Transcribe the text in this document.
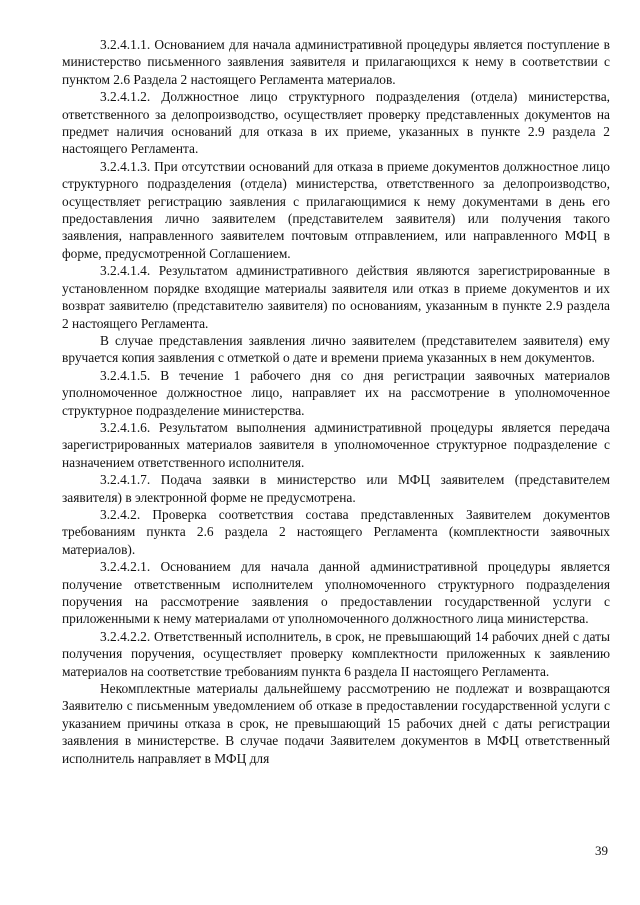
3.2.4.1.1. Основанием для начала административной процедуры является поступление в министерство письменного заявления заявителя и прилагающихся к нему в соответствии с пунктом 2.6 Раздела 2 настоящего Регламента материалов.

3.2.4.1.2. Должностное лицо структурного подразделения (отдела) министерства, ответственного за делопроизводство, осуществляет проверку представленных документов на предмет наличия оснований для отказа в их приеме, указанных в пункте 2.9 раздела 2 настоящего Регламента.

3.2.4.1.3. При отсутствии оснований для отказа в приеме документов должностное лицо структурного подразделения (отдела) министерства, ответственного за делопроизводство, осуществляет регистрацию заявления с прилагающимися к нему документами в день его предоставления лично заявителем (представителем заявителя) или получения такого заявления, направленного заявителем почтовым отправлением, или направленного МФЦ в форме, предусмотренной Соглашением.

3.2.4.1.4. Результатом административного действия являются зарегистрированные в установленном порядке входящие материалы заявителя или отказ в приеме документов и их возврат заявителю (представителю заявителя) по основаниям, указанным в пункте 2.9 раздела 2 настоящего Регламента.

В случае представления заявления лично заявителем (представителем заявителя) ему вручается копия заявления с отметкой о дате и времени приема указанных в нем документов.

3.2.4.1.5. В течение 1 рабочего дня со дня регистрации заявочных материалов уполномоченное должностное лицо, направляет их на рассмотрение в уполномоченное структурное подразделение министерства.

3.2.4.1.6. Результатом выполнения административной процедуры является передача зарегистрированных материалов заявителя в уполномоченное структурное подразделение с назначением ответственного исполнителя.

3.2.4.1.7. Подача заявки в министерство или МФЦ заявителем (представителем заявителя) в электронной форме не предусмотрена.

3.2.4.2. Проверка соответствия состава представленных Заявителем документов требованиям пункта 2.6 раздела 2 настоящего Регламента (комплектности заявочных материалов).

3.2.4.2.1. Основанием для начала данной административной процедуры является получение ответственным исполнителем уполномоченного структурного подразделения поручения на рассмотрение заявления о предоставлении государственной услуги с приложенными к нему материалами от уполномоченного должностного лица министерства.

3.2.4.2.2. Ответственный исполнитель, в срок, не превышающий 14 рабочих дней с даты получения поручения, осуществляет проверку комплектности приложенных к заявлению материалов на соответствие требованиям пункта 6 раздела II настоящего Регламента.

Некомплектные материалы дальнейшему рассмотрению не подлежат и возвращаются Заявителю с письменным уведомлением об отказе в предоставлении государственной услуги с указанием причины отказа в срок, не превышающий 15 рабочих дней с даты регистрации заявления в министерстве. В случае подачи Заявителем документов в МФЦ ответственный исполнитель направляет в МФЦ для

39
